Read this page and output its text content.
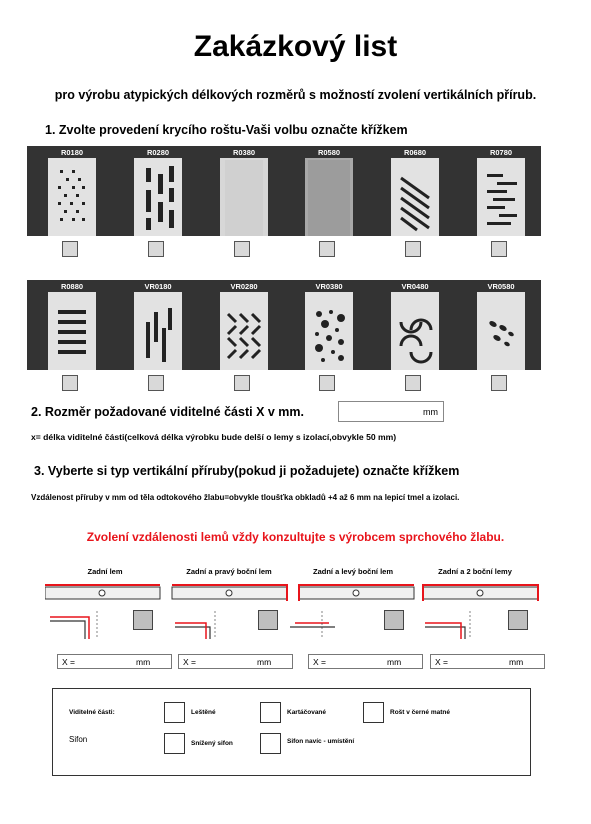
Zakázkový list
pro výrobu atypických délkových rozměrů s možností zvolení vertikálních přírub.
1. Zvolte provedení krycího roštu-Vaši volbu označte křížkem
R0180	R0280	R0380	R0580	R0680	R0780
R0880	VR0180	VR0280	VR0380	VR0480	VR0580
2. Rozměr požadované viditelné části X v mm.	mm
x= délka viditelné části(celková délka výrobku bude delší o lemy s izolací,obvykle 50 mm)
3. Vyberte si typ vertikální příruby(pokud ji požadujete) označte křížkem
Vzdálenost příruby v mm od těla odtokového žlabu=obvykle tloušťka obkladů +4 až 6 mm na lepicí tmel a izolaci.
Zvolení vzdálenosti lemů vždy konzultujte s výrobcem sprchového žlabu.
Zadní lem	Zadní a pravý boční lem	Zadní a levý boční lem	Zadní a 2 boční lemy
X =	mm	X =	mm	X =	mm	X =	mm
Viditelné části:
Sifon
Leštěné	Kartáčované	Rošt v černé matné
Snížený sifon	Sifon navíc - umístění
